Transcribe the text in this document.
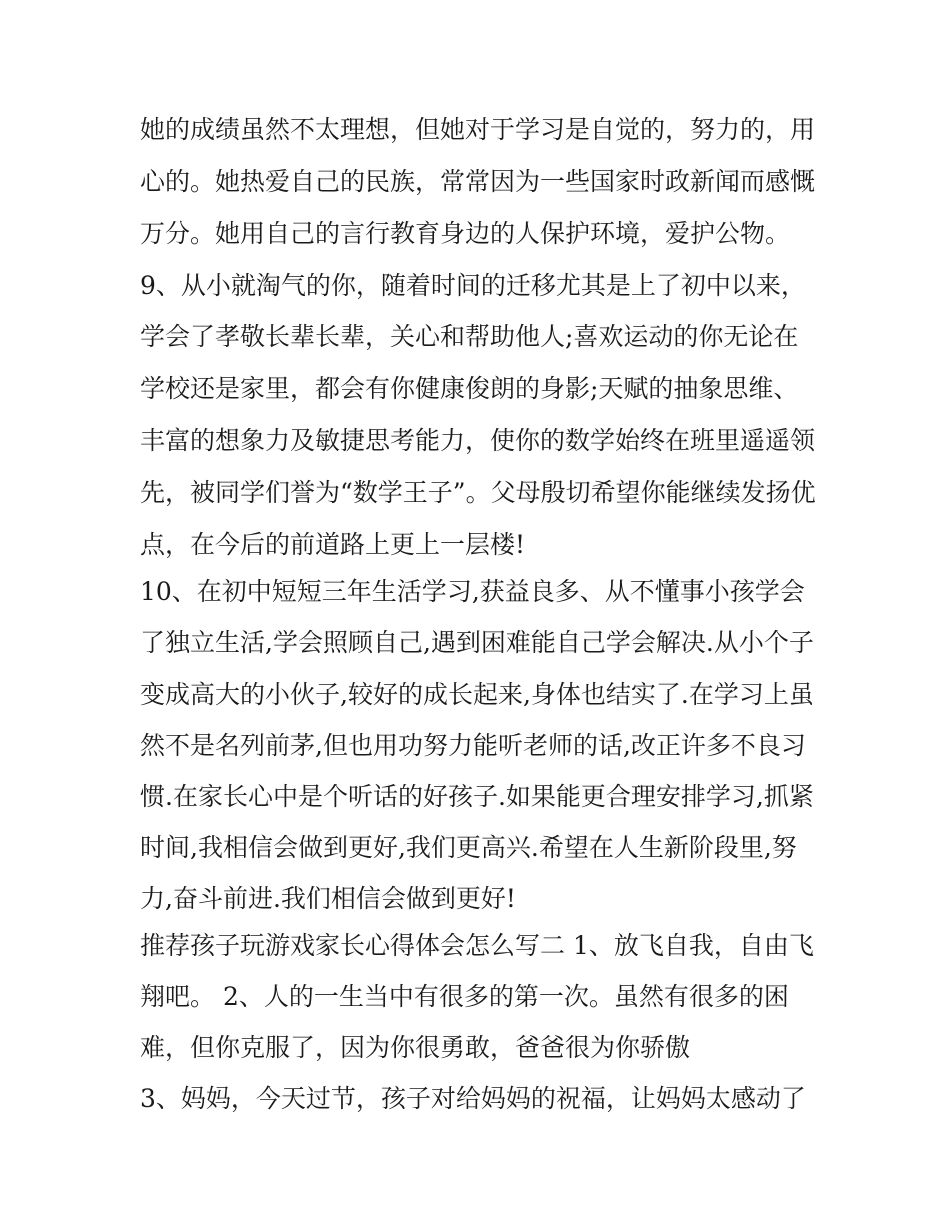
她的成绩虽然不太理想，但她对于学习是自觉的，努力的，用
心的。她热爱自己的民族，常常因为一些国家时政新闻而感慨
万分。她用自己的言行教育身边的人保护环境，爱护公物。
9、从小就淘气的你，随着时间的迁移尤其是上了初中以来，
学会了孝敬长辈长辈，关心和帮助他人;喜欢运动的你无论在
学校还是家里，都会有你健康俊朗的身影;天赋的抽象思维、
丰富的想象力及敏捷思考能力，使你的数学始终在班里遥遥领
先，被同学们誉为“数学王子”。父母殷切希望你能继续发扬优
点，在今后的前道路上更上一层楼!
10、在初中短短三年生活学习,获益良多、从不懂事小孩学会
了独立生活,学会照顾自己,遇到困难能自己学会解决.从小个子
变成高大的小伙子,较好的成长起来,身体也结实了.在学习上虽
然不是名列前茅,但也用功努力能听老师的话,改正许多不良习
惯.在家长心中是个听话的好孩子.如果能更合理安排学习,抓紧
时间,我相信会做到更好,我们更高兴.希望在人生新阶段里,努
力,奋斗前进.我们相信会做到更好!
推荐孩子玩游戏家长心得体会怎么写二 1、放飞自我，自由飞
翔吧。 2、人的一生当中有很多的第一次。虽然有很多的困
难，但你克服了，因为你很勇敢，爸爸很为你骄傲
3、妈妈，今天过节，孩子对给妈妈的祝福，让妈妈太感动了
